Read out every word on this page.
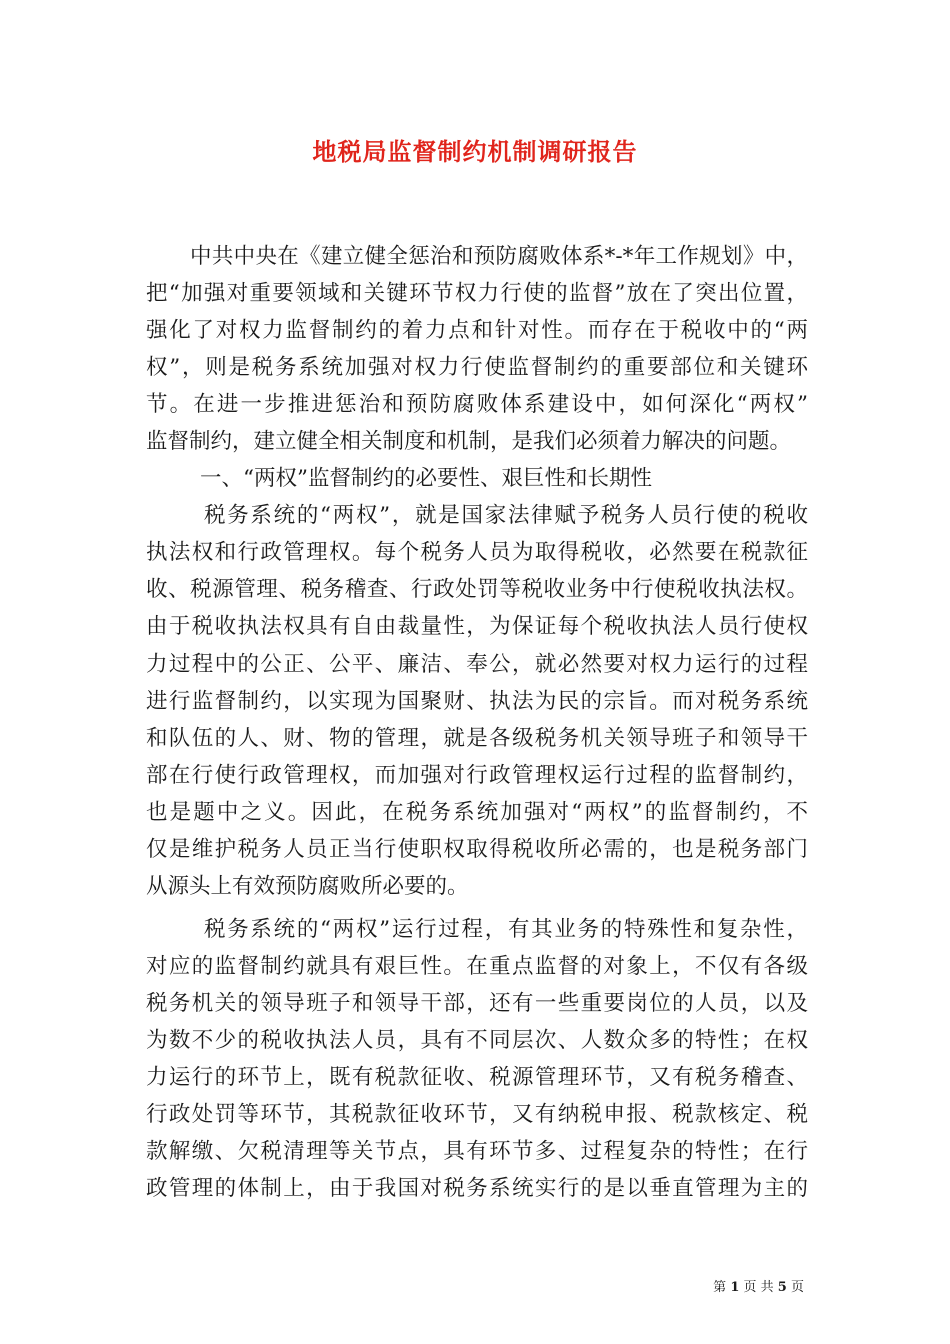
地税局监督制约机制调研报告
中共中央在《建立健全惩治和预防腐败体系*-*年工作规划》中，
把“加强对重要领域和关键环节权力行使的监督”放在了突出位置，
强化了对权力监督制约的着力点和针对性。而存在于税收中的“两
权”，则是税务系统加强对权力行使监督制约的重要部位和关键环
节。在进一步推进惩治和预防腐败体系建设中，如何深化“两权”
监督制约，建立健全相关制度和机制，是我们必须着力解决的问题。
一、“两权”监督制约的必要性、艰巨性和长期性
税务系统的“两权”，就是国家法律赋予税务人员行使的税收
执法权和行政管理权。每个税务人员为取得税收，必然要在税款征
收、税源管理、税务稽查、行政处罚等税收业务中行使税收执法权。
由于税收执法权具有自由裁量性，为保证每个税收执法人员行使权
力过程中的公正、公平、廉洁、奉公，就必然要对权力运行的过程
进行监督制约，以实现为国聚财、执法为民的宗旨。而对税务系统
和队伍的人、财、物的管理，就是各级税务机关领导班子和领导干
部在行使行政管理权，而加强对行政管理权运行过程的监督制约，
也是题中之义。因此，在税务系统加强对“两权”的监督制约，不
仅是维护税务人员正当行使职权取得税收所必需的，也是税务部门
从源头上有效预防腐败所必要的。
税务系统的“两权”运行过程，有其业务的特殊性和复杂性，
对应的监督制约就具有艰巨性。在重点监督的对象上，不仅有各级
税务机关的领导班子和领导干部，还有一些重要岗位的人员，以及
为数不少的税收执法人员，具有不同层次、人数众多的特性；在权
力运行的环节上，既有税款征收、税源管理环节，又有税务稽查、
行政处罚等环节，其税款征收环节，又有纳税申报、税款核定、税
款解缴、欠税清理等关节点，具有环节多、过程复杂的特性；在行
政管理的体制上，由于我国对税务系统实行的是以垂直管理为主的
第 1 页 共 5 页
